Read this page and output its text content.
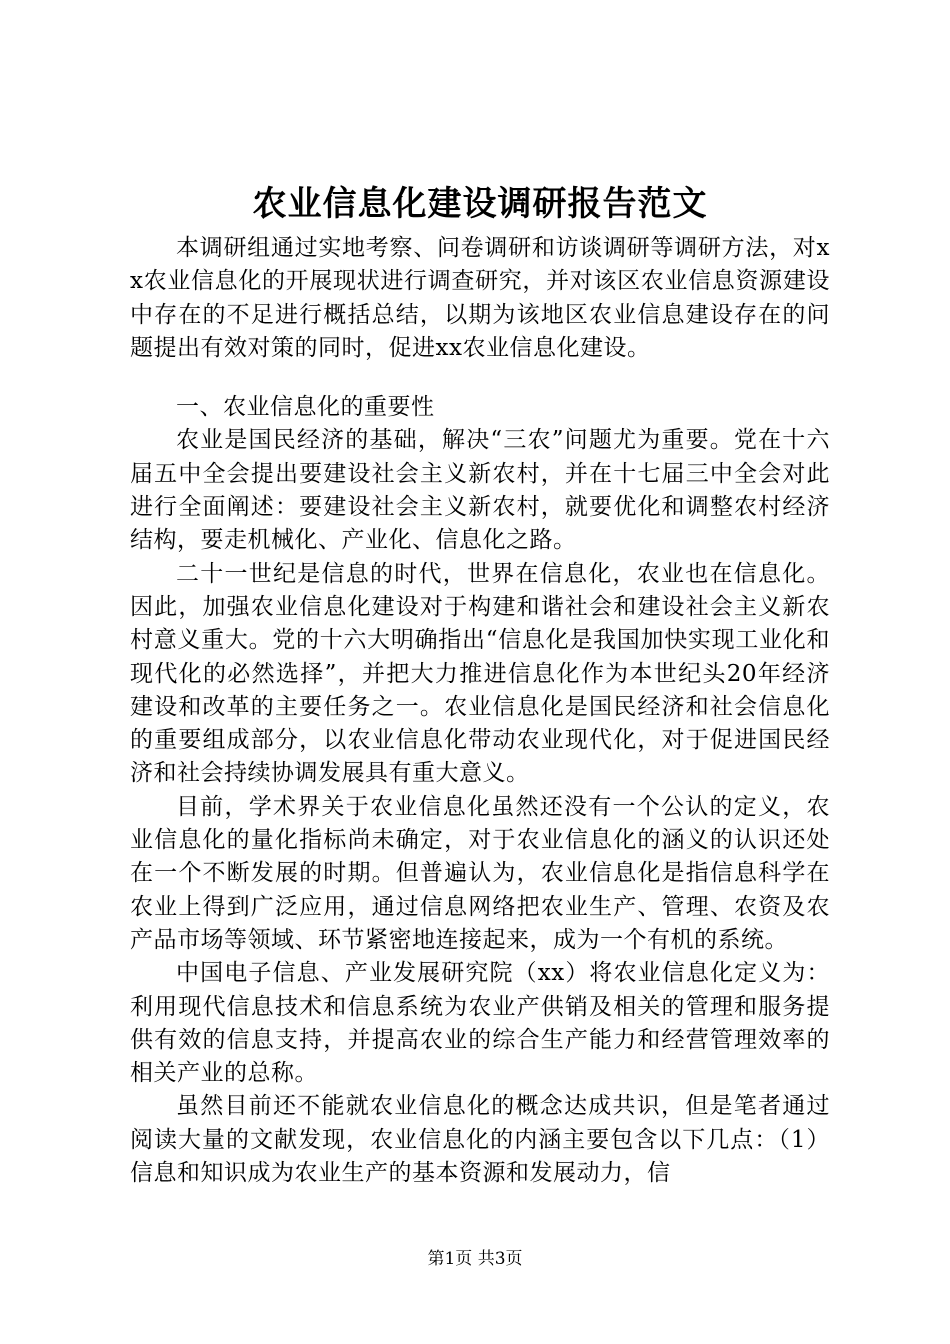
农业信息化建设调研报告范文

本调研组通过实地考察、问卷调研和访谈调研等调研方法，对xx农业信息化的开展现状进行调查研究，并对该区农业信息资源建设中存在的不足进行概括总结，以期为该地区农业信息建设存在的问题提出有效对策的同时，促进xx农业信息化建设。

一、农业信息化的重要性

农业是国民经济的基础，解决“三农”问题尤为重要。党在十六届五中全会提出要建设社会主义新农村，并在十七届三中全会对此进行全面阐述：要建设社会主义新农村，就要优化和调整农村经济结构，要走机械化、产业化、信息化之路。

二十一世纪是信息的时代，世界在信息化，农业也在信息化。因此，加强农业信息化建设对于构建和谐社会和建设社会主义新农村意义重大。党的十六大明确指出“信息化是我国加快实现工业化和现代化的必然选择”，并把大力推进信息化作为本世纪头20年经济建设和改革的主要任务之一。农业信息化是国民经济和社会信息化的重要组成部分，以农业信息化带动农业现代化，对于促进国民经济和社会持续协调发展具有重大意义。

目前，学术界关于农业信息化虽然还没有一个公认的定义，农业信息化的量化指标尚未确定，对于农业信息化的涵义的认识还处在一个不断发展的时期。但普遍认为，农业信息化是指信息科学在农业上得到广泛应用，通过信息网络把农业生产、管理、农资及农产品市场等领域、环节紧密地连接起来，成为一个有机的系统。

中国电子信息、产业发展研究院（xx）将农业信息化定义为：利用现代信息技术和信息系统为农业产供销及相关的管理和服务提供有效的信息支持，并提高农业的综合生产能力和经营管理效率的相关产业的总称。

虽然目前还不能就农业信息化的概念达成共识，但是笔者通过阅读大量的文献发现，农业信息化的内涵主要包含以下几点：（1）信息和知识成为农业生产的基本资源和发展动力，信

第1页 共3页
